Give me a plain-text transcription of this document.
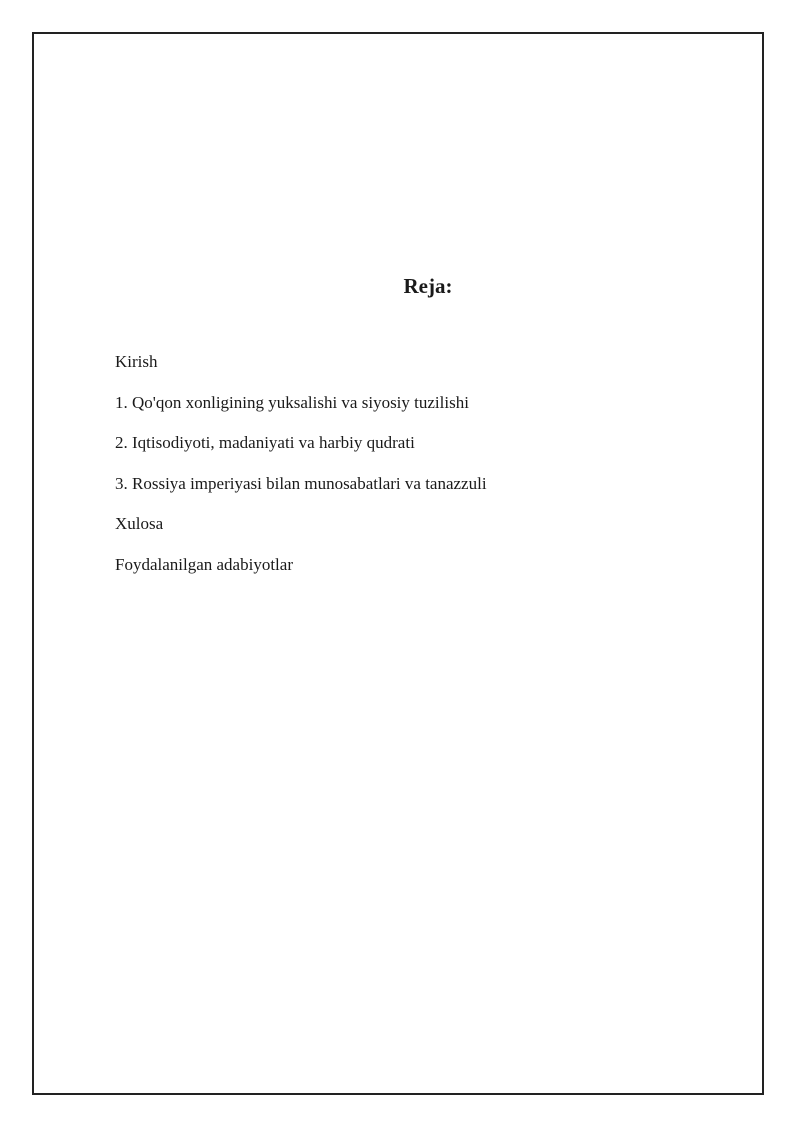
Reja:
Kirish
1. Qo'qon xonligining yuksalishi va siyosiy tuzilishi
2. Iqtisodiyoti, madaniyati va harbiy qudrati
3. Rossiya imperiyasi bilan munosabatlari va tanazzuli
Xulosa
Foydalanilgan adabiyotlar
